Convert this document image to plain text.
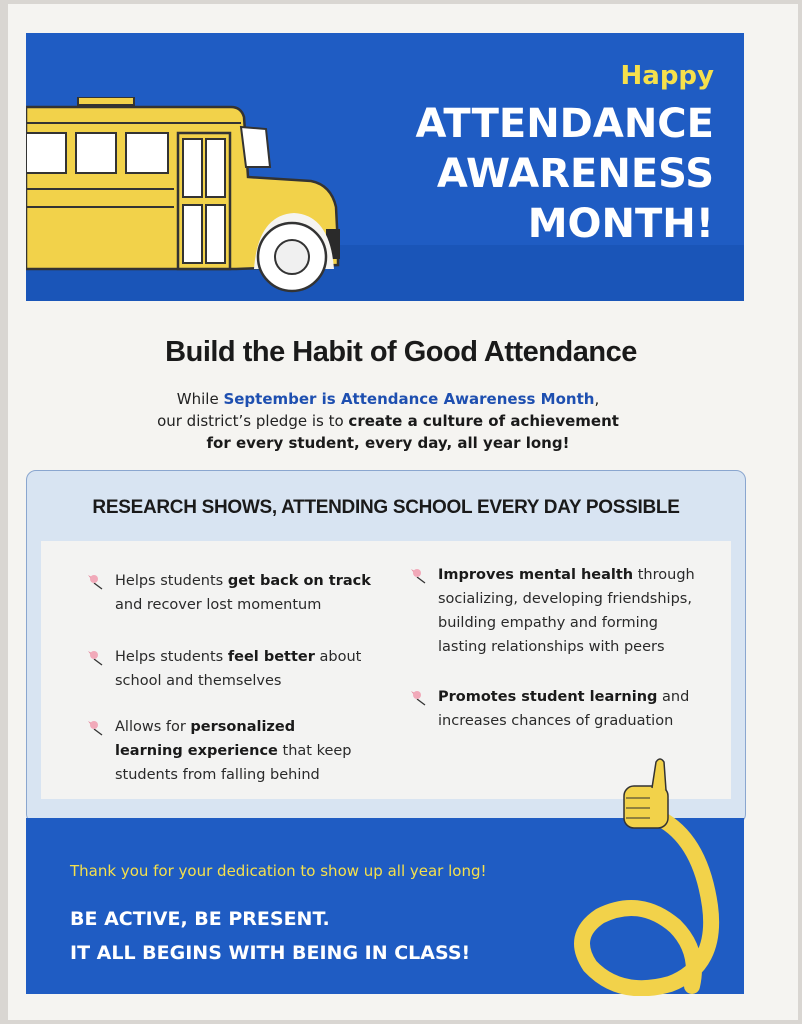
Happy
ATTENDANCE
AWARENESS
MONTH!
Build the Habit of Good Attendance
While September is Attendance Awareness Month,
our district’s pledge is to create a culture of achievement
for every student, every day, all year long!
RESEARCH SHOWS, ATTENDING SCHOOL EVERY DAY POSSIBLE
Helps students get back on track and recover lost momentum
Helps students feel better about school and themselves
Allows for personalized learning experience that keep students from falling behind
Improves mental health through socializing, developing friendships, building empathy and forming lasting relationships with peers
Promotes student learning and increases chances of graduation
Thank you for your dedication to show up all year long!
BE ACTIVE, BE PRESENT.
IT ALL BEGINS WITH BEING IN CLASS!
